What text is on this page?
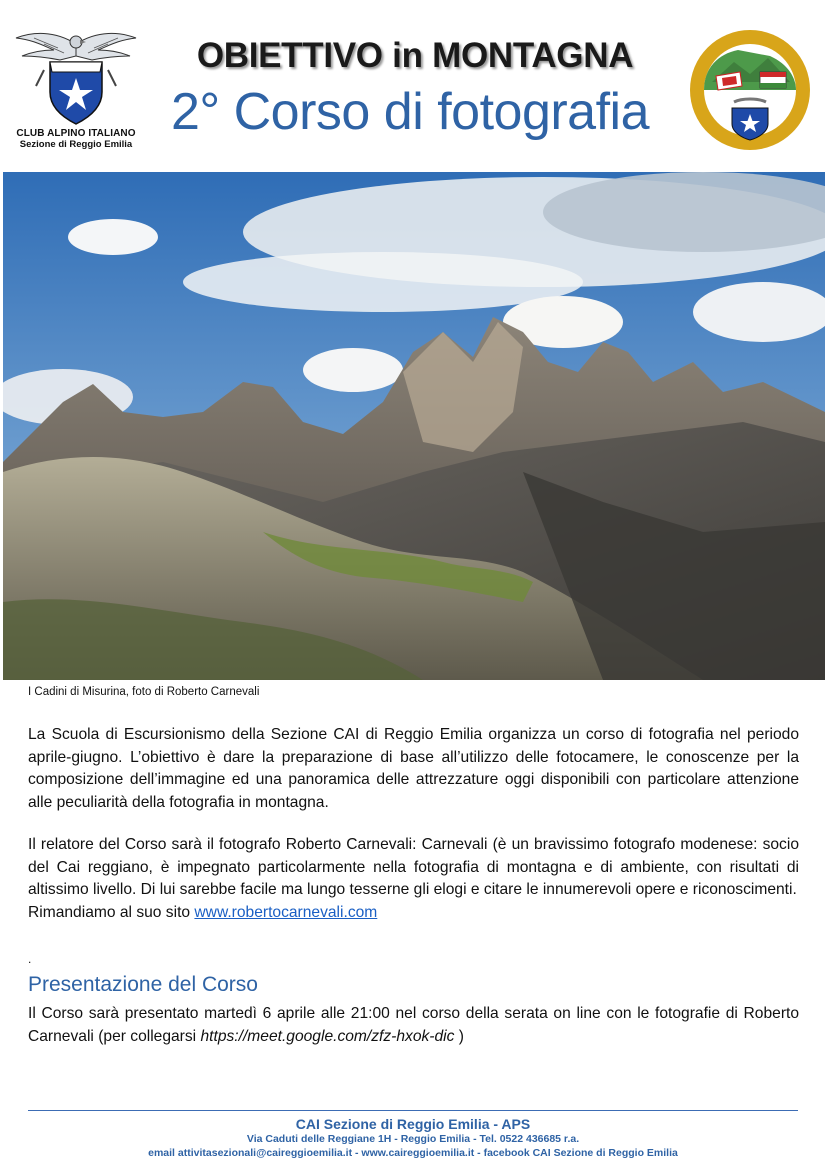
CLUB ALPINO ITALIANO
Sezione di Reggio Emilia
OBIETTIVO in MONTAGNA
2° Corso di fotografia
I Cadini di Misurina, foto di Roberto Carnevali
La Scuola di Escursionismo della Sezione CAI di Reggio Emilia organizza un corso di fotografia nel periodo aprile-giugno. L’obiettivo è dare la preparazione di base all’utilizzo delle fotocamere, le conoscenze per la composizione dell’immagine ed una panoramica delle attrezzature oggi disponibili con particolare attenzione alle peculiarità della fotografia in montagna.
Il relatore del Corso sarà il fotografo Roberto Carnevali: Carnevali (è un bravissimo fotografo modenese: socio del Cai reggiano, è impegnato particolarmente nella fotografia di montagna e di ambiente, con risultati di altissimo livello. Di lui sarebbe facile ma lungo tesserne gli elogi e citare le innumerevoli opere e riconoscimenti.
Rimandiamo al suo sito www.robertocarnevali.com
.
Presentazione del Corso
Il Corso sarà presentato martedì 6 aprile alle 21:00 nel corso della serata on line con le fotografie di Roberto Carnevali (per collegarsi https://meet.google.com/zfz-hxok-dic )
CAI Sezione di Reggio Emilia - APS
Via Caduti delle Reggiane 1H - Reggio Emilia - Tel. 0522 436685 r.a.
email attivitasezionali@caireggioemilia.it - www.caireggioemilia.it - facebook CAI Sezione di Reggio Emilia
